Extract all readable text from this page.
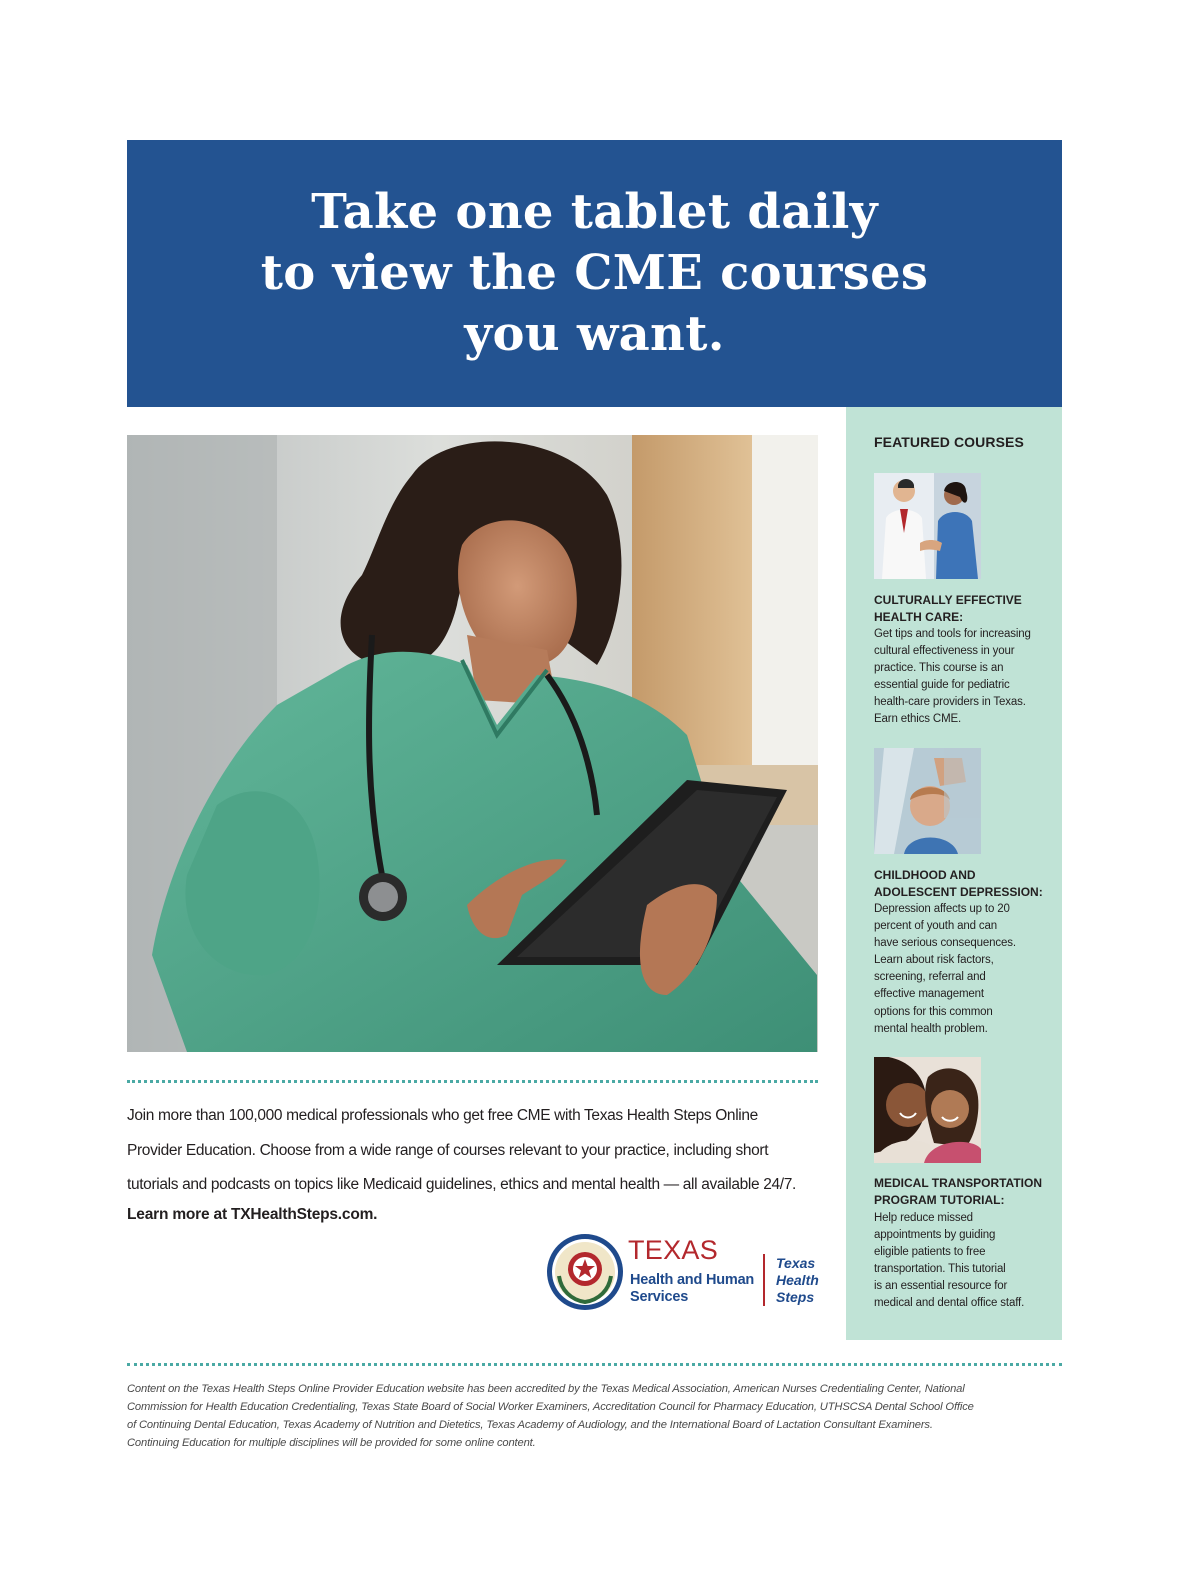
Take one tablet daily
to view the CME courses
you want.

Join more than 100,000 medical professionals who get free CME with Texas Health Steps Online
Provider Education. Choose from a wide range of courses relevant to your practice, including short
tutorials and podcasts on topics like Medicaid guidelines, ethics and mental health — all available 24/7.

Learn more at TXHealthSteps.com.

TEXAS
Health and Human
Services
Texas
Health
Steps
FEATURED COURSES
CULTURALLY EFFECTIVE
HEALTH CARE:

Get tips and tools for increasing
cultural effectiveness in your
practice. This course is an
essential guide for pediatric
health-care providers in Texas.
Earn ethics CME.

CHILDHOOD AND
ADOLESCENT DEPRESSION:

Depression affects up to 20
percent of youth and can
have serious consequences.
Learn about risk factors,
screening, referral and
effective management
options for this common
mental health problem.

MEDICAL TRANSPORTATION
PROGRAM TUTORIAL:

Help reduce missed
appointments by guiding
eligible patients to free
transportation. This tutorial
is an essential resource for
medical and dental office staff.

Content on the Texas Health Steps Online Provider Education website has been accredited by the Texas Medical Association, American Nurses Credentialing Center, National
Commission for Health Education Credentialing, Texas State Board of Social Worker Examiners, Accreditation Council for Pharmacy Education, UTHSCSA Dental School Office
of Continuing Dental Education, Texas Academy of Nutrition and Dietetics, Texas Academy of Audiology, and the International Board of Lactation Consultant Examiners.
Continuing Education for multiple disciplines will be provided for some online content.
